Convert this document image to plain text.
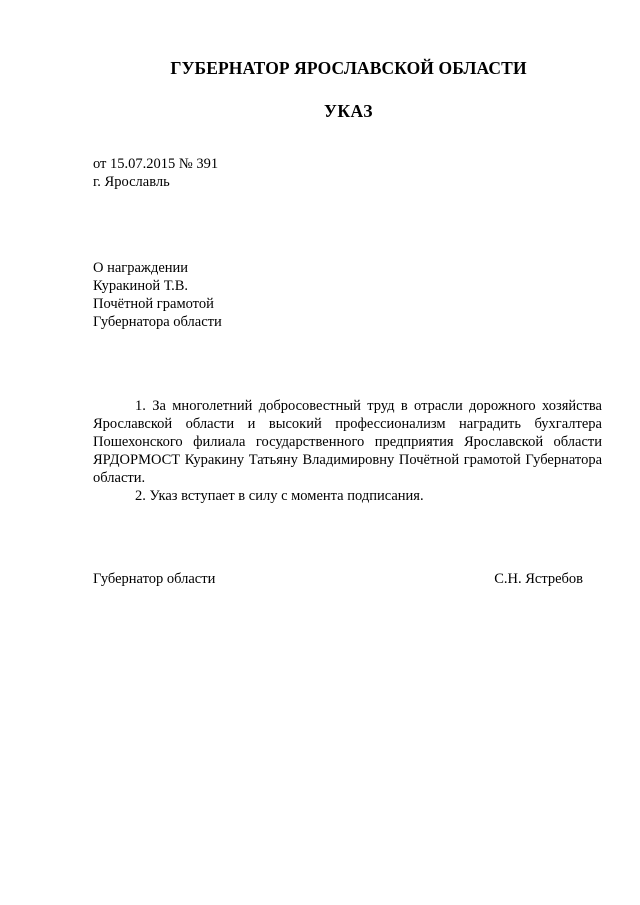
ГУБЕРНАТОР ЯРОСЛАВСКОЙ ОБЛАСТИ
УКАЗ
от 15.07.2015 № 391
г. Ярославль
О награждении
Куракиной Т.В.
Почётной грамотой
Губернатора области

1. За многолетний добросовестный труд в отрасли дорожного хозяйства Ярославской области и высокий профессионализм наградить бухгалтера Пошехонского филиала государственного предприятия Ярославской области ЯРДОРМОСТ Куракину Татьяну Владимировну Почётной грамотой Губернатора области.

2. Указ вступает в силу с момента подписания.

Губернатор области	С.Н. Ястребов
